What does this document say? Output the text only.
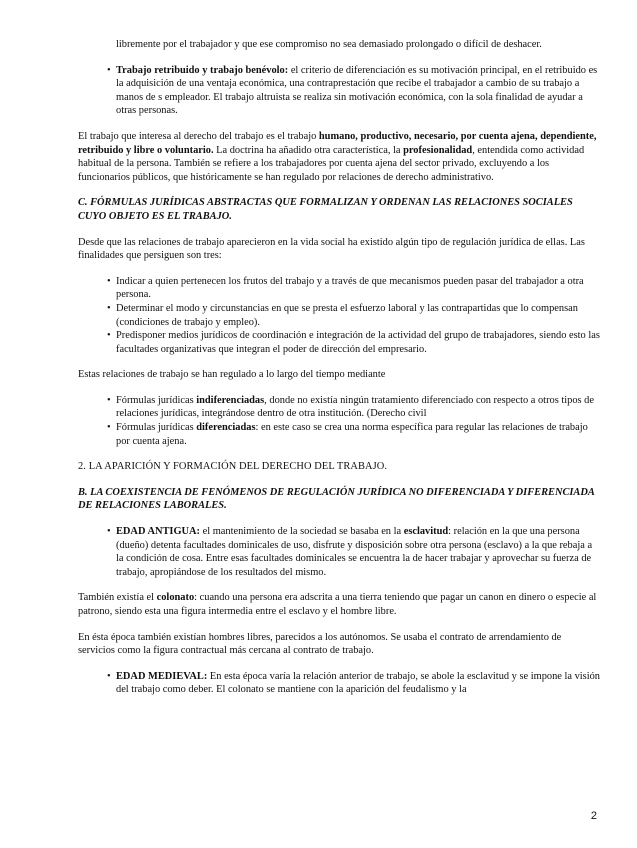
libremente por el trabajador y que ese compromiso no sea demasiado prolongado o difícil de deshacer.

• Trabajo retribuido y trabajo benévolo: el criterio de diferenciación es su motivación principal, en el retribuido es la adquisición de una ventaja económica, una contraprestación que recibe el trabajador a cambio de su trabajo a manos de s empleador. El trabajo altruista se realiza sin motivación económica, con la sola finalidad de ayudar a otras personas.

El trabajo que interesa al derecho del trabajo es el trabajo humano, productivo, necesario, por cuenta ajena, dependiente, retribuido y libre o voluntario. La doctrina ha añadido otra característica, la profesionalidad, entendida como actividad habitual de la persona. También se refiere a los trabajadores por cuenta ajena del sector privado, excluyendo a los funcionarios públicos, que históricamente se han regulado por relaciones de derecho administrativo.

C. FÓRMULAS JURÍDICAS ABSTRACTAS QUE FORMALIZAN Y ORDENAN LAS RELACIONES SOCIALES CUYO OBJETO ES EL TRABAJO.

Desde que las relaciones de trabajo aparecieron en la vida social ha existido algún tipo de regulación jurídica de ellas. Las finalidades que persiguen son tres:

• Indicar a quien pertenecen los frutos del trabajo y a través de que mecanismos pueden pasar del trabajador a otra persona.
• Determinar el modo y circunstancias en que se presta el esfuerzo laboral y las contrapartidas que lo compensan (condiciones de trabajo y empleo).
• Predisponer medios jurídicos de coordinación e integración de la actividad del grupo de trabajadores, siendo esto las facultades organizativas que integran el poder de dirección del empresario.

Estas relaciones de trabajo se han regulado a lo largo del tiempo mediante

• Fórmulas jurídicas indiferenciadas, donde no existía ningún tratamiento diferenciado con respecto a otros tipos de relaciones jurídicas, integrándose dentro de otra institución. (Derecho civil
• Fórmulas jurídicas diferenciadas: en este caso se crea una norma específica para regular las relaciones de trabajo por cuenta ajena.

2. LA APARICIÓN Y FORMACIÓN DEL DERECHO DEL TRABAJO.

B. LA COEXISTENCIA DE FENÓMENOS DE REGULACIÓN JURÍDICA NO DIFERENCIADA Y DIFERENCIADA DE RELACIONES LABORALES.

• EDAD ANTIGUA: el mantenimiento de la sociedad se basaba en la esclavitud: relación en la que una persona (dueño) detenta facultades dominicales de uso, disfrute y disposición sobre otra persona (esclavo) a la que rebaja a la condición de cosa. Entre esas facultades dominicales se encuentra la de hacer trabajar y aprovechar su fuerza de trabajo, apropiándose de los resultados del mismo.

También existía el colonato: cuando una persona era adscrita a una tierra teniendo que pagar un canon en dinero o especie al patrono, siendo esta una figura intermedia entre el esclavo y el hombre libre.

En ésta época también existían hombres libres, parecidos a los autónomos. Se usaba el contrato de arrendamiento de servicios como la figura contractual más cercana al contrato de trabajo.

• EDAD MEDIEVAL: En esta época varía la relación anterior de trabajo, se abole la esclavitud y se impone la visión del trabajo como deber. El colonato se mantiene con la aparición del feudalismo y la
2
